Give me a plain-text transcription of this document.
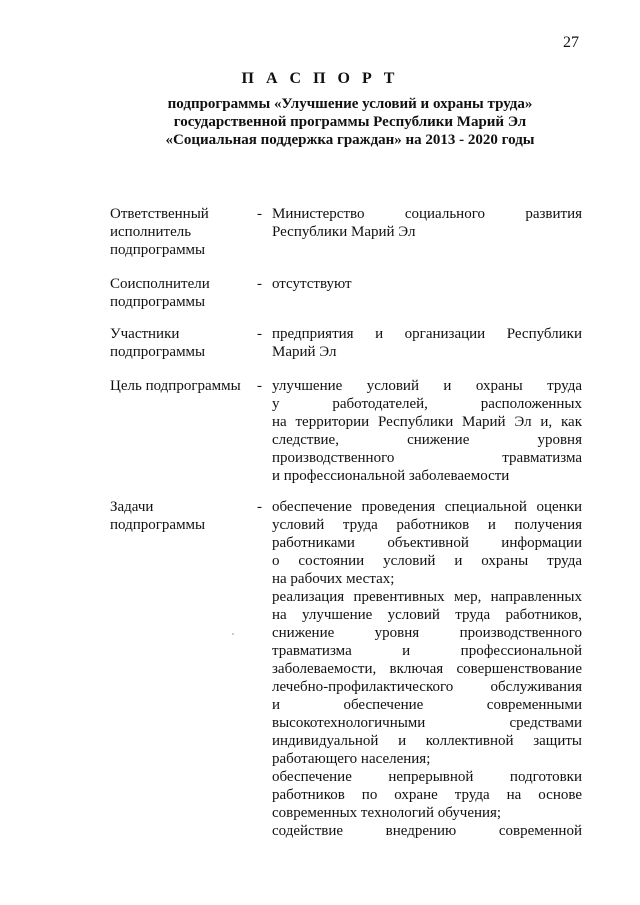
27
П А С П О Р Т
подпрограммы «Улучшение условий и охраны труда»
государственной программы Республики Марий Эл
«Социальная поддержка граждан» на 2013 - 2020 годы
Ответственный
исполнитель
подпрограммы
- Министерство социального развития
Республики Марий Эл
Соисполнители
подпрограммы
- отсутствуют
Участники
подпрограммы
- предприятия и организации Республики
Марий Эл
Цель подпрограммы	- улучшение условий и охраны труда
у работодателей, расположенных
на территории Республики Марий Эл и, как
следствие, снижение уровня
производственного травматизма
и профессиональной заболеваемости
Задачи
подпрограммы
- обеспечение проведения специальной оценки
условий труда работников и получения
работниками объективной информации
о состоянии условий и охраны труда
на рабочих местах;
реализация превентивных мер, направленных
на улучшение условий труда работников,
снижение уровня производственного
травматизма и профессиональной
заболеваемости, включая совершенствование
лечебно-профилактического обслуживания
и обеспечение современными
высокотехнологичными средствами
индивидуальной и коллективной защиты
работающего населения;
обеспечение непрерывной подготовки
работников по охране труда на основе
современных технологий обучения;
содействие внедрению современной
